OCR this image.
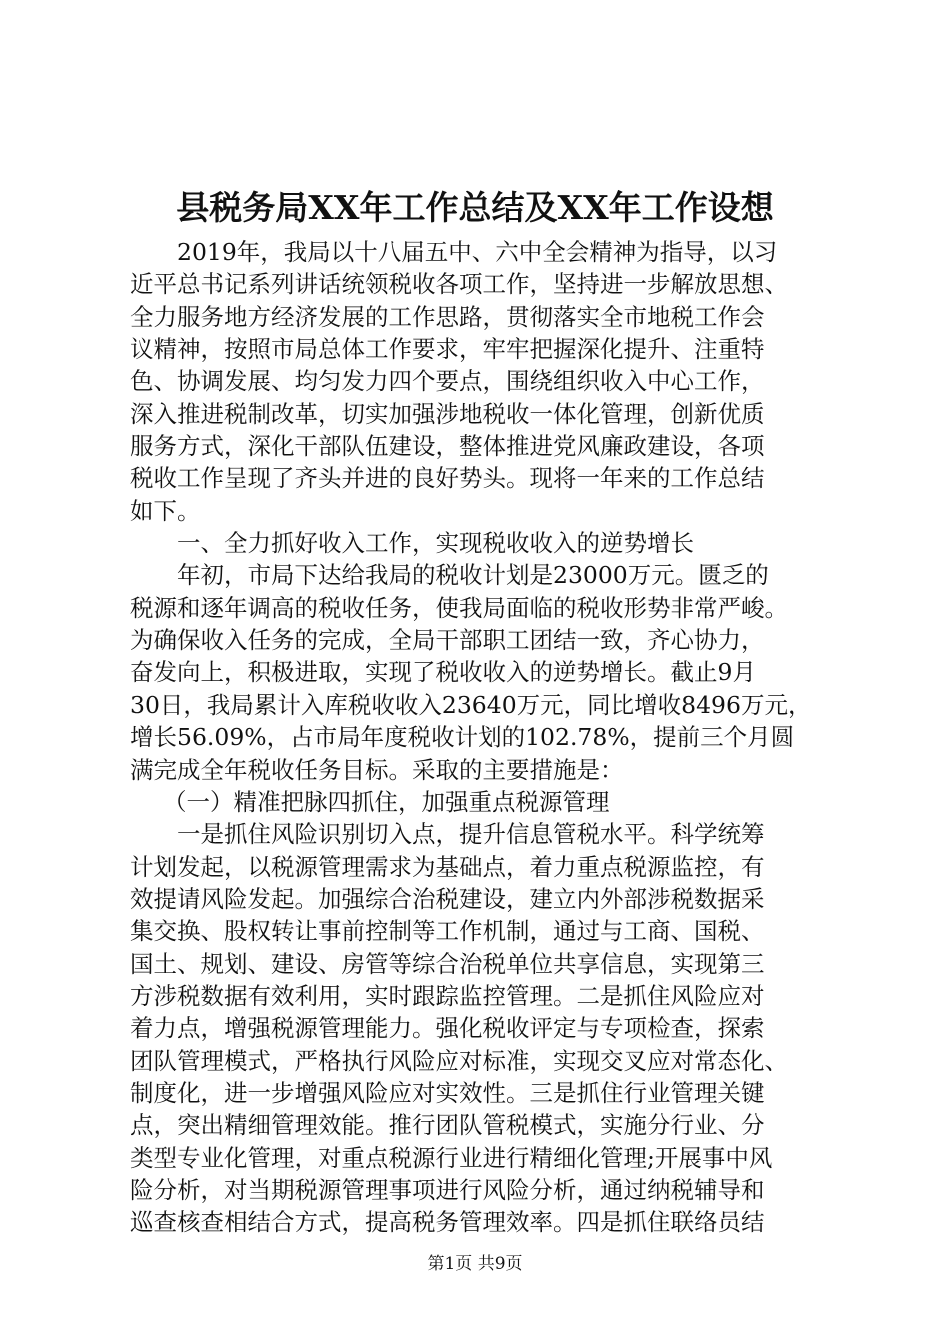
县税务局XX年工作总结及XX年工作设想
2019年，我局以十八届五中、六中全会精神为指导，以习
近平总书记系列讲话统领税收各项工作，坚持进一步解放思想、
全力服务地方经济发展的工作思路，贯彻落实全市地税工作会
议精神，按照市局总体工作要求，牢牢把握深化提升、注重特
色、协调发展、均匀发力四个要点，围绕组织收入中心工作，
深入推进税制改革，切实加强涉地税收一体化管理，创新优质
服务方式，深化干部队伍建设，整体推进党风廉政建设，各项
税收工作呈现了齐头并进的良好势头。现将一年来的工作总结
如下。
一、全力抓好收入工作，实现税收收入的逆势增长
年初，市局下达给我局的税收计划是23000万元。匮乏的
税源和逐年调高的税收任务，使我局面临的税收形势非常严峻。
为确保收入任务的完成，全局干部职工团结一致，齐心协力，
奋发向上，积极进取，实现了税收收入的逆势增长。截止9月
30日，我局累计入库税收收入23640万元，同比增收8496万元，
增长56.09%，占市局年度税收计划的102.78%，提前三个月圆
满完成全年税收任务目标。采取的主要措施是：
（一）精准把脉四抓住，加强重点税源管理
一是抓住风险识别切入点，提升信息管税水平。科学统筹
计划发起，以税源管理需求为基础点，着力重点税源监控，有
效提请风险发起。加强综合治税建设，建立内外部涉税数据采
集交换、股权转让事前控制等工作机制，通过与工商、国税、
国土、规划、建设、房管等综合治税单位共享信息，实现第三
方涉税数据有效利用，实时跟踪监控管理。二是抓住风险应对
着力点，增强税源管理能力。强化税收评定与专项检查，探索
团队管理模式，严格执行风险应对标准，实现交叉应对常态化、
制度化，进一步增强风险应对实效性。三是抓住行业管理关键
点，突出精细管理效能。推行团队管税模式，实施分行业、分
类型专业化管理，对重点税源行业进行精细化管理;开展事中风
险分析，对当期税源管理事项进行风险分析，通过纳税辅导和
巡查核查相结合方式，提高税务管理效率。四是抓住联络员结
第1页 共9页
